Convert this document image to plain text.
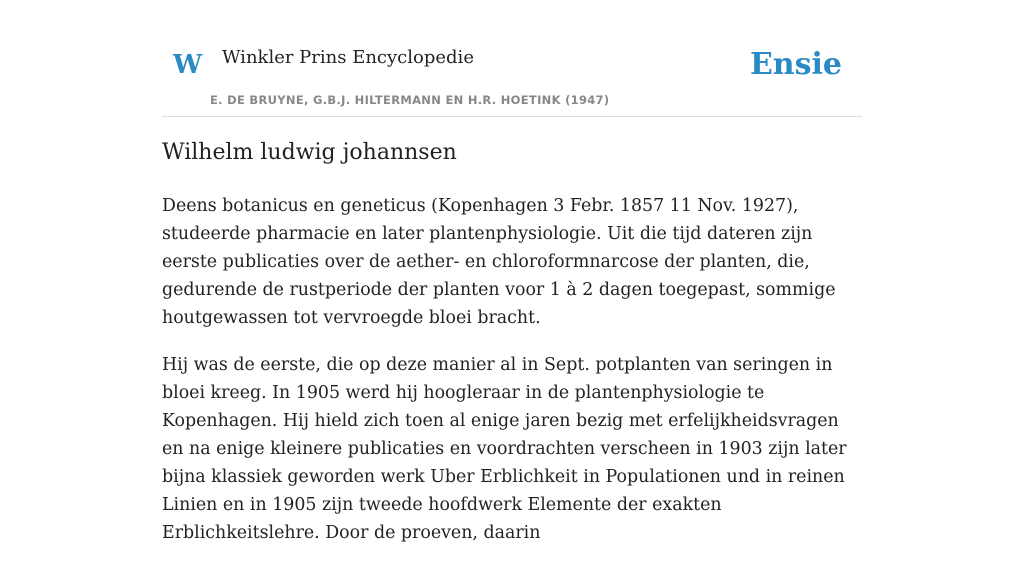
W Winkler Prins Encyclopedie
E. DE BRUYNE, G.B.J. HILTERMANN EN H.R. HOETINK (1947)
Ensie
Wilhelm ludwig johannsen

Deens botanicus en geneticus (Kopenhagen 3 Febr. 1857 11 Nov. 1927), studeerde pharmacie en later plantenphysiologie. Uit die tijd dateren zijn eerste publicaties over de aether- en chloroformnarcose der planten, die, gedurende de rustperiode der planten voor 1 à 2 dagen toegepast, sommige houtgewassen tot vervroegde bloei bracht.

Hij was de eerste, die op deze manier al in Sept. potplanten van seringen in bloei kreeg. In 1905 werd hij hoogleraar in de plantenphysiologie te Kopenhagen. Hij hield zich toen al enige jaren bezig met erfelijkheidsvragen en na enige kleinere publicaties en voordrachten verscheen in 1903 zijn later bijna klassiek geworden werk Uber Erblichkeit in Populationen und in reinen Linien en in 1905 zijn tweede hoofdwerk Elemente der exakten Erblichkeitslehre. Door de proeven, daarin
